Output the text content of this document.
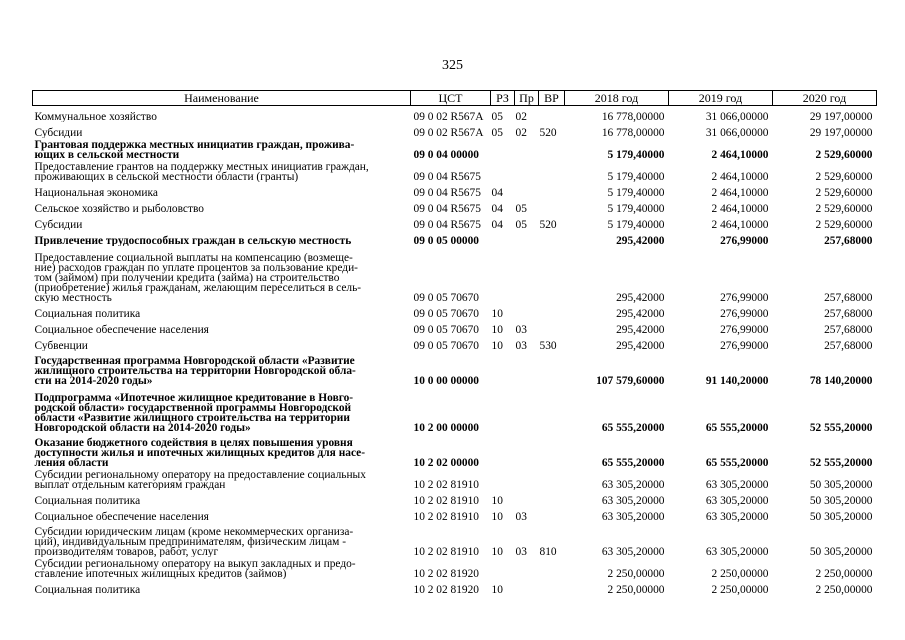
325
Наименование	ЦСТ	РЗ	Пр	ВР	2018 год	2019 год	2020 год
Коммунальное хозяйство	09 0 02 R567A	05	02		16 778,00000	31 066,00000	29 197,00000
Субсидии	09 0 02 R567A	05	02	520	16 778,00000	31 066,00000	29 197,00000
Грантовая поддержка местных инициатив граждан, прожива-
ющих в сельской местности	09 0 04 00000				5 179,40000	2 464,10000	2 529,60000
Предоставление грантов на поддержку местных инициатив граждан,
проживающих в сельской местности области (гранты)	09 0 04 R5675				5 179,40000	2 464,10000	2 529,60000
Национальная экономика	09 0 04 R5675	04			5 179,40000	2 464,10000	2 529,60000
Сельское хозяйство и рыболовство	09 0 04 R5675	04	05		5 179,40000	2 464,10000	2 529,60000
Субсидии	09 0 04 R5675	04	05	520	5 179,40000	2 464,10000	2 529,60000
Привлечение трудоспособных граждан в сельскую местность	09 0 05 00000				295,42000	276,99000	257,68000
Предоставление социальной выплаты на компенсацию (возмеще-
ние) расходов граждан по уплате процентов за пользование креди-
том (займом) при получении кредита (займа) на строительство
(приобретение) жилья гражданам, желающим переселиться в сель-
скую местность	09 0 05 70670				295,42000	276,99000	257,68000
Социальная политика	09 0 05 70670	10			295,42000	276,99000	257,68000
Социальное обеспечение населения	09 0 05 70670	10	03		295,42000	276,99000	257,68000
Субвенции	09 0 05 70670	10	03	530	295,42000	276,99000	257,68000
Государственная программа Новгородской области «Развитие
жилищного строительства на территории Новгородской обла-
сти на 2014-2020 годы»	10 0 00 00000				107 579,60000	91 140,20000	78 140,20000
Подпрограмма «Ипотечное жилищное кредитование в Новго-
родской области» государственной программы Новгородской
области «Развитие жилищного строительства на территории
Новгородской области на 2014-2020 годы»	10 2 00 00000				65 555,20000	65 555,20000	52 555,20000
Оказание бюджетного содействия в целях повышения уровня
доступности жилья и ипотечных жилищных кредитов для насе-
ления области	10 2 02 00000				65 555,20000	65 555,20000	52 555,20000
Субсидии региональному оператору на предоставление социальных
выплат отдельным категориям граждан	10 2 02 81910				63 305,20000	63 305,20000	50 305,20000
Социальная политика	10 2 02 81910	10			63 305,20000	63 305,20000	50 305,20000
Социальное обеспечение населения	10 2 02 81910	10	03		63 305,20000	63 305,20000	50 305,20000
Субсидии юридическим лицам (кроме некоммерческих организа-
ций), индивидуальным предпринимателям, физическим лицам -
производителям товаров, работ, услуг	10 2 02 81910	10	03	810	63 305,20000	63 305,20000	50 305,20000
Субсидии региональному оператору на выкуп закладных и предо-
ставление ипотечных жилищных кредитов (займов)	10 2 02 81920				2 250,00000	2 250,00000	2 250,00000
Социальная политика	10 2 02 81920	10			2 250,00000	2 250,00000	2 250,00000
